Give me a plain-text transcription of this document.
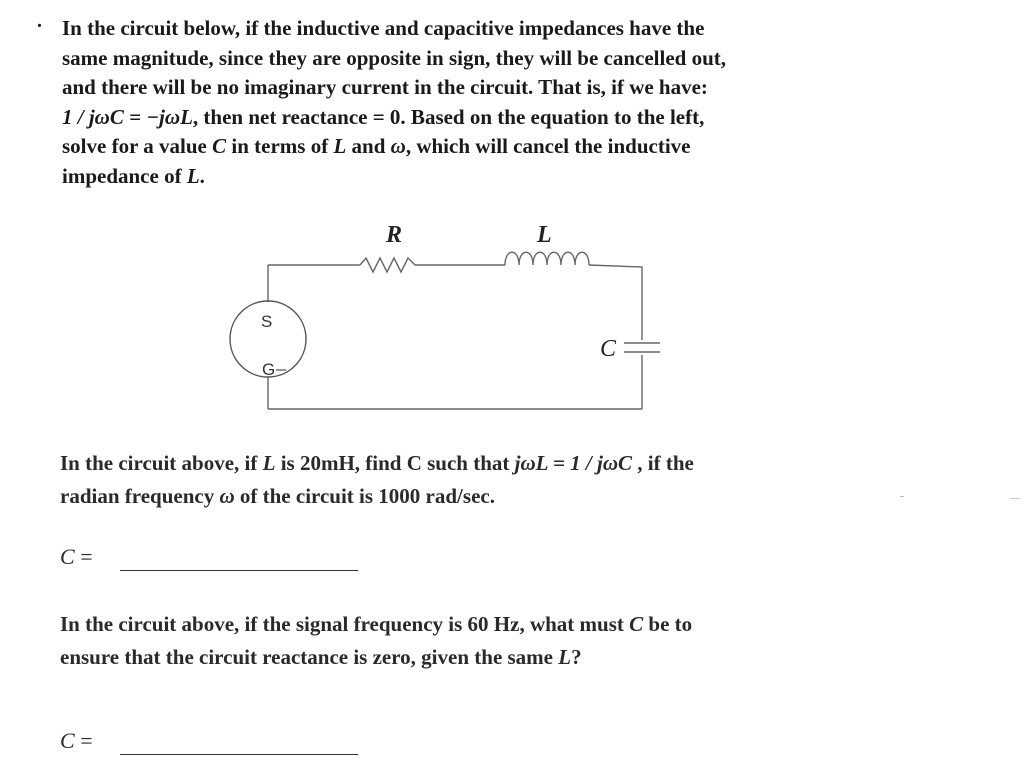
. In the circuit below, if the inductive and capacitive impedances have the
same magnitude, since they are opposite in sign, they will be cancelled out,
and there will be no imaginary current in the circuit. That is, if we have:
1 / jωC = −jωL, then net reactance = 0. Based on the equation to the left,
solve for a value C in terms of L and ω, which will cancel the inductive
impedance of L.
R	L
C
S
G
In the circuit above, if L is 20mH, find C such that jωL = 1 / jωC , if the
radian frequency ω of the circuit is 1000 rad/sec.
C =
In the circuit above, if the signal frequency is 60 Hz, what must C be to
ensure that the circuit reactance is zero, given the same L?
C =
